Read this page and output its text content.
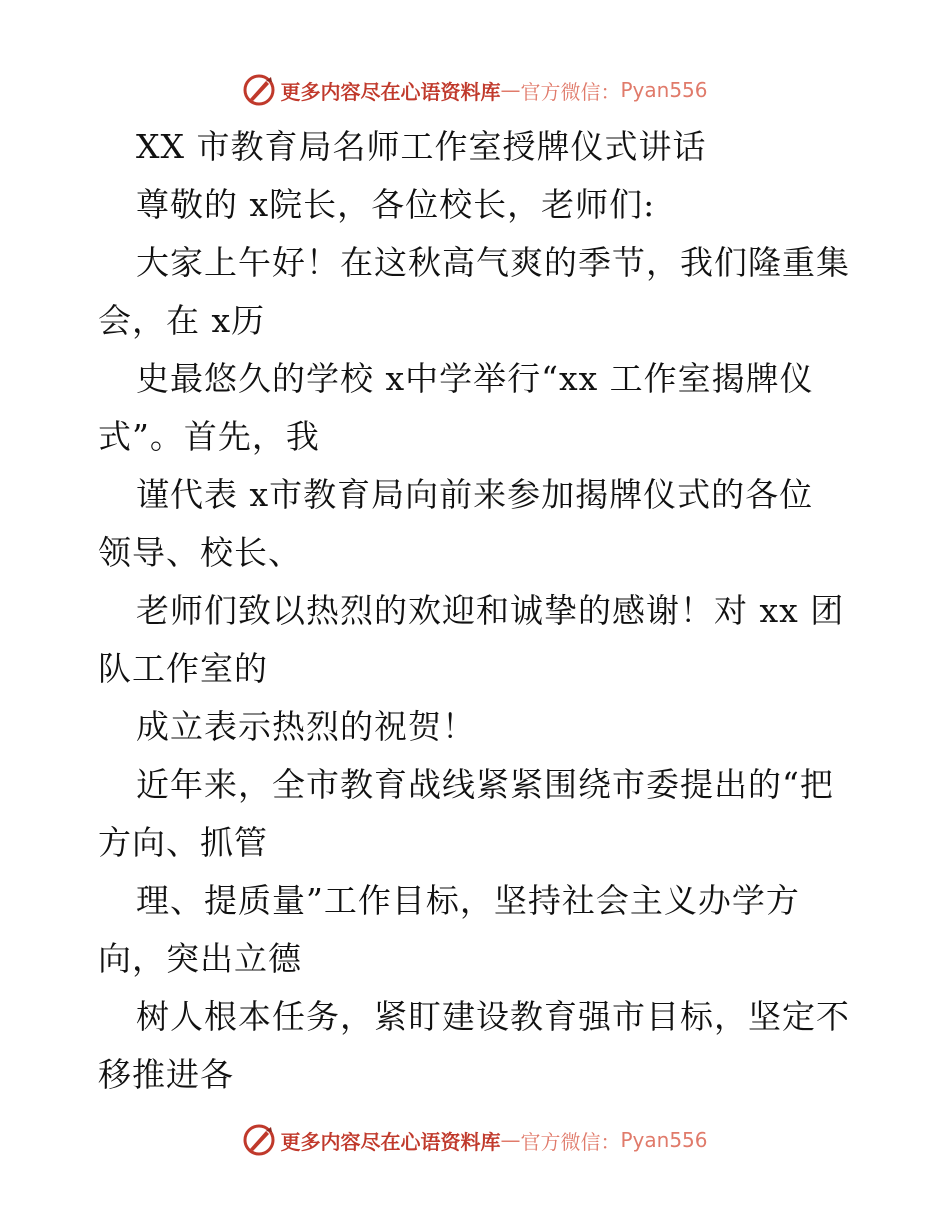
更多内容尽在心语资料库 — 官方微信： Pyan556
XX 市教育局名师工作室授牌仪式讲话
尊敬的 x院长，各位校长，老师们:
大家上午好！在这秋高气爽的季节，我们隆重集
会，在 x历
史最悠久的学校 x中学举行“xx 工作室揭牌仪
式”。首先，我
谨代表 x市教育局向前来参加揭牌仪式的各位
领导、校长、
老师们致以热烈的欢迎和诚挚的感谢！对 xx 团
队工作室的
成立表示热烈的祝贺！
近年来，全市教育战线紧紧围绕市委提出的“把
方向、抓管
理、提质量”工作目标，坚持社会主义办学方
向，突出立德
树人根本任务，紧盯建设教育强市目标，坚定不
移推进各
更多内容尽在心语资料库 — 官方微信： Pyan556
